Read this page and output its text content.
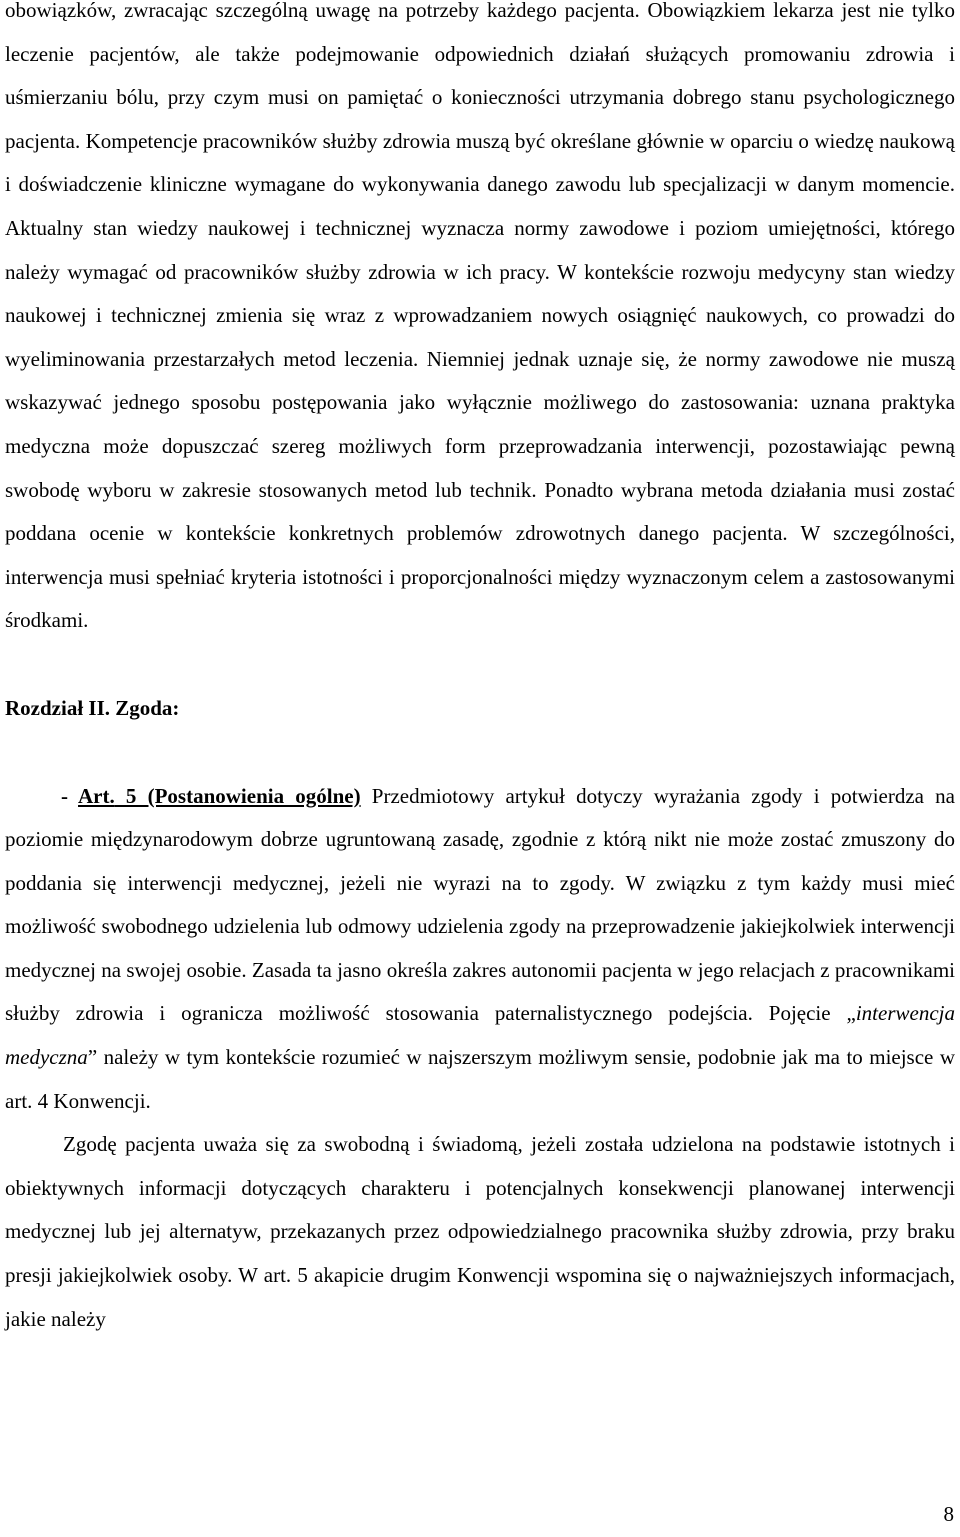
obowiązków, zwracając szczególną uwagę na potrzeby każdego pacjenta. Obowiązkiem lekarza jest nie tylko leczenie pacjentów, ale także podejmowanie odpowiednich działań służących promowaniu zdrowia i uśmierzaniu bólu, przy czym musi on pamiętać o konieczności utrzymania dobrego stanu psychologicznego pacjenta. Kompetencje pracowników służby zdrowia muszą być określane głównie w oparciu o wiedzę naukową i doświadczenie kliniczne wymagane do wykonywania danego zawodu lub specjalizacji w danym momencie. Aktualny stan wiedzy naukowej i technicznej wyznacza normy zawodowe i poziom umiejętności, którego należy wymagać od pracowników służby zdrowia w ich pracy. W kontekście rozwoju medycyny stan wiedzy naukowej i technicznej zmienia się wraz z wprowadzaniem nowych osiągnięć naukowych, co prowadzi do wyeliminowania przestarzałych metod leczenia. Niemniej jednak uznaje się, że normy zawodowe nie muszą wskazywać jednego sposobu postępowania jako wyłącznie możliwego do zastosowania: uznana praktyka medyczna może dopuszczać szereg możliwych form przeprowadzania interwencji, pozostawiając pewną swobodę wyboru w zakresie stosowanych metod lub technik. Ponadto wybrana metoda działania musi zostać poddana ocenie w kontekście konkretnych problemów zdrowotnych danego pacjenta. W szczególności, interwencja musi spełniać kryteria istotności i proporcjonalności między wyznaczonym celem a zastosowanymi środkami.

Rozdział II. Zgoda:

- Art. 5 (Postanowienia ogólne) Przedmiotowy artykuł dotyczy wyrażania zgody i potwierdza na poziomie międzynarodowym dobrze ugruntowaną zasadę, zgodnie z którą nikt nie może zostać zmuszony do poddania się interwencji medycznej, jeżeli nie wyrazi na to zgody. W związku z tym każdy musi mieć możliwość swobodnego udzielenia lub odmowy udzielenia zgody na przeprowadzenie jakiejkolwiek interwencji medycznej na swojej osobie. Zasada ta jasno określa zakres autonomii pacjenta w jego relacjach z pracownikami służby zdrowia i ogranicza możliwość stosowania paternalistycznego podejścia. Pojęcie „interwencja medyczna” należy w tym kontekście rozumieć w najszerszym możliwym sensie, podobnie jak ma to miejsce w art. 4 Konwencji.

Zgodę pacjenta uważa się za swobodną i świadomą, jeżeli została udzielona na podstawie istotnych i obiektywnych informacji dotyczących charakteru i potencjalnych konsekwencji planowanej interwencji medycznej lub jej alternatyw, przekazanych przez odpowiedzialnego pracownika służby zdrowia, przy braku presji jakiejkolwiek osoby. W art. 5 akapicie drugim Konwencji wspomina się o najważniejszych informacjach, jakie należy

8
